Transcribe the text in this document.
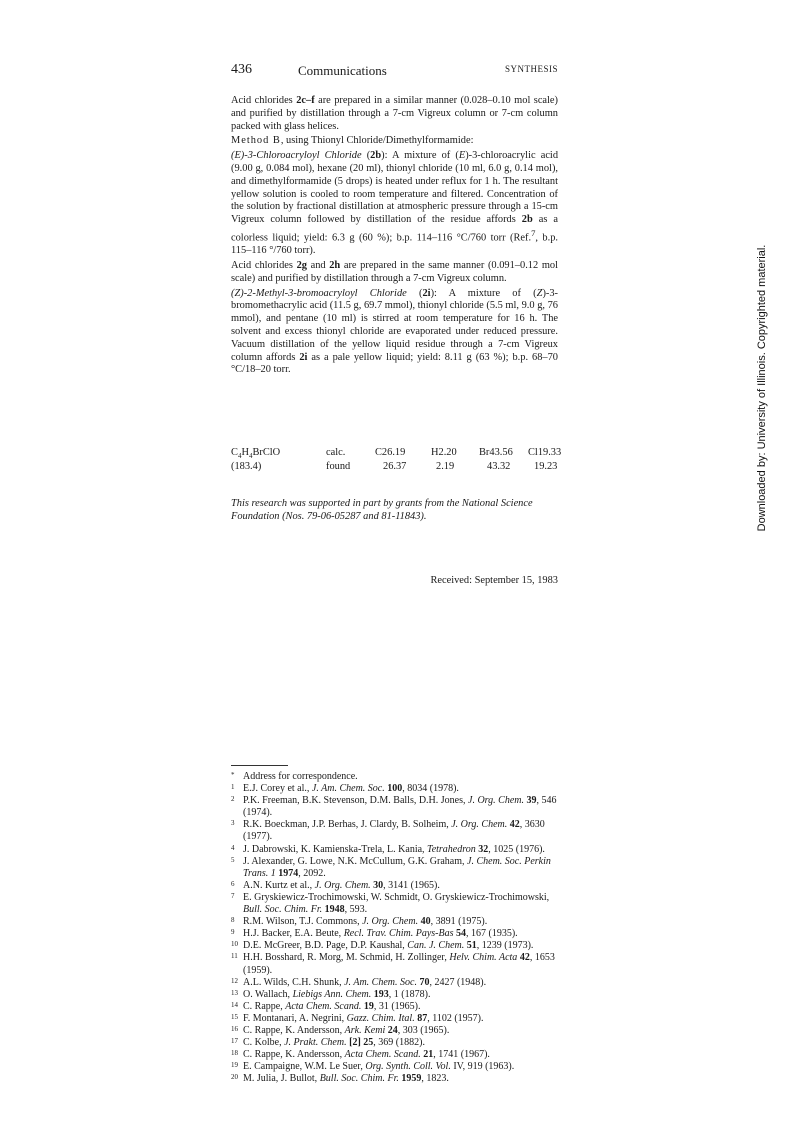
436	Communications	SYNTHESIS

Acid chlorides 2c–f are prepared in a similar manner (0.028–0.10 mol scale) and purified by distillation through a 7-cm Vigreux column or 7-cm column packed with glass helices.

Method B, using Thionyl Chloride/Dimethylformamide:

(E)-3-Chloroacryloyl Chloride (2b): A mixture of (E)-3-chloroacrylic acid (9.00 g, 0.084 mol), hexane (20 ml), thionyl chloride (10 ml, 6.0 g, 0.14 mol), and dimethylformamide (5 drops) is heated under reflux for 1 h. The resultant yellow solution is cooled to room temperature and filtered. Concentration of the solution by fractional distillation at atmospheric pressure through a 15-cm Vigreux column followed by distillation of the residue affords 2b as a colorless liquid; yield: 6.3 g (60 %); b.p. 114–116 °C/760 torr (Ref.$^7$, b.p. 115–116 °/760 torr).

Acid chlorides 2g and 2h are prepared in the same manner (0.091–0.12 mol scale) and purified by distillation through a 7-cm Vigreux column.

(Z)-2-Methyl-3-bromoacryloyl Chloride (2i): A mixture of (Z)-3-bromomethacrylic acid (11.5 g, 69.7 mmol), thionyl chloride (5.5 ml, 9.0 g, 76 mmol), and pentane (10 ml) is stirred at room temperature for 16 h. The solvent and excess thionyl chloride are evaporated under reduced pressure. Vacuum distillation of the yellow liquid residue through a 7-cm Vigreux column affords 2i as a pale yellow liquid; yield: 8.11 g (63 %); b.p. 68–70 °C/18–20 torr.

$C_4H_4BrClO$	calc.	C26.19 H2.20 Br43.56 Cl19.33
(183.4)	found	26.37	2.19	43.32 19.23
This research was supported in part by grants from the National Science Foundation (Nos. 79-06-05287 and 81-11843).
Received: September 15, 1983
* Address for correspondence.
1 E.J. Corey et al., J. Am. Chem. Soc. 100, 8034 (1978).
2 P.K. Freeman, B.K. Stevenson, D.M. Balls, D.H. Jones, J. Org. Chem. 39, 546 (1974).
3 R.K. Boeckman, J.P. Berhas, J. Clardy, B. Solheim, J. Org. Chem. 42, 3630 (1977).
4 J. Dabrowski, K. Kamienska-Trela, L. Kania, Tetrahedron 32, 1025 (1976).
5 J. Alexander, G. Lowe, N.K. McCullum, G.K. Graham, J. Chem. Soc. Perkin Trans. 1 1974, 2092.
6 A.N. Kurtz et al., J. Org. Chem. 30, 3141 (1965).
7 E. Gryskiewicz-Trochimowski, W. Schmidt, O. Gryskiewicz-Trochimowski, Bull. Soc. Chim. Fr. 1948, 593.
8 R.M. Wilson, T.J. Commons, J. Org. Chem. 40, 3891 (1975).
9 H.J. Backer, E.A. Beute, Recl. Trav. Chim. Pays-Bas 54, 167 (1935).
10 D.E. McGreer, B.D. Page, D.P. Kaushal, Can. J. Chem. 51, 1239 (1973).
11 H.H. Bosshard, R. Morg, M. Schmid, H. Zollinger, Helv. Chim. Acta 42, 1653 (1959).
12 A.L. Wilds, C.H. Shunk, J. Am. Chem. Soc. 70, 2427 (1948).
13 O. Wallach, Liebigs Ann. Chem. 193, 1 (1878).
14 C. Rappe, Acta Chem. Scand. 19, 31 (1965).
15 F. Montanari, A. Negrini, Gazz. Chim. Ital. 87, 1102 (1957).
16 C. Rappe, K. Andersson, Ark. Kemi 24, 303 (1965).
17 C. Kolbe, J. Prakt. Chem. [2] 25, 369 (1882).
18 C. Rappe, K. Andersson, Acta Chem. Scand. 21, 1741 (1967).
19 E. Campaigne, W.M. Le Suer, Org. Synth. Coll. Vol. IV, 919 (1963).
20 M. Julia, J. Bullot, Bull. Soc. Chim. Fr. 1959, 1823.
Downloaded by: University of Illinois. Copyrighted material.
